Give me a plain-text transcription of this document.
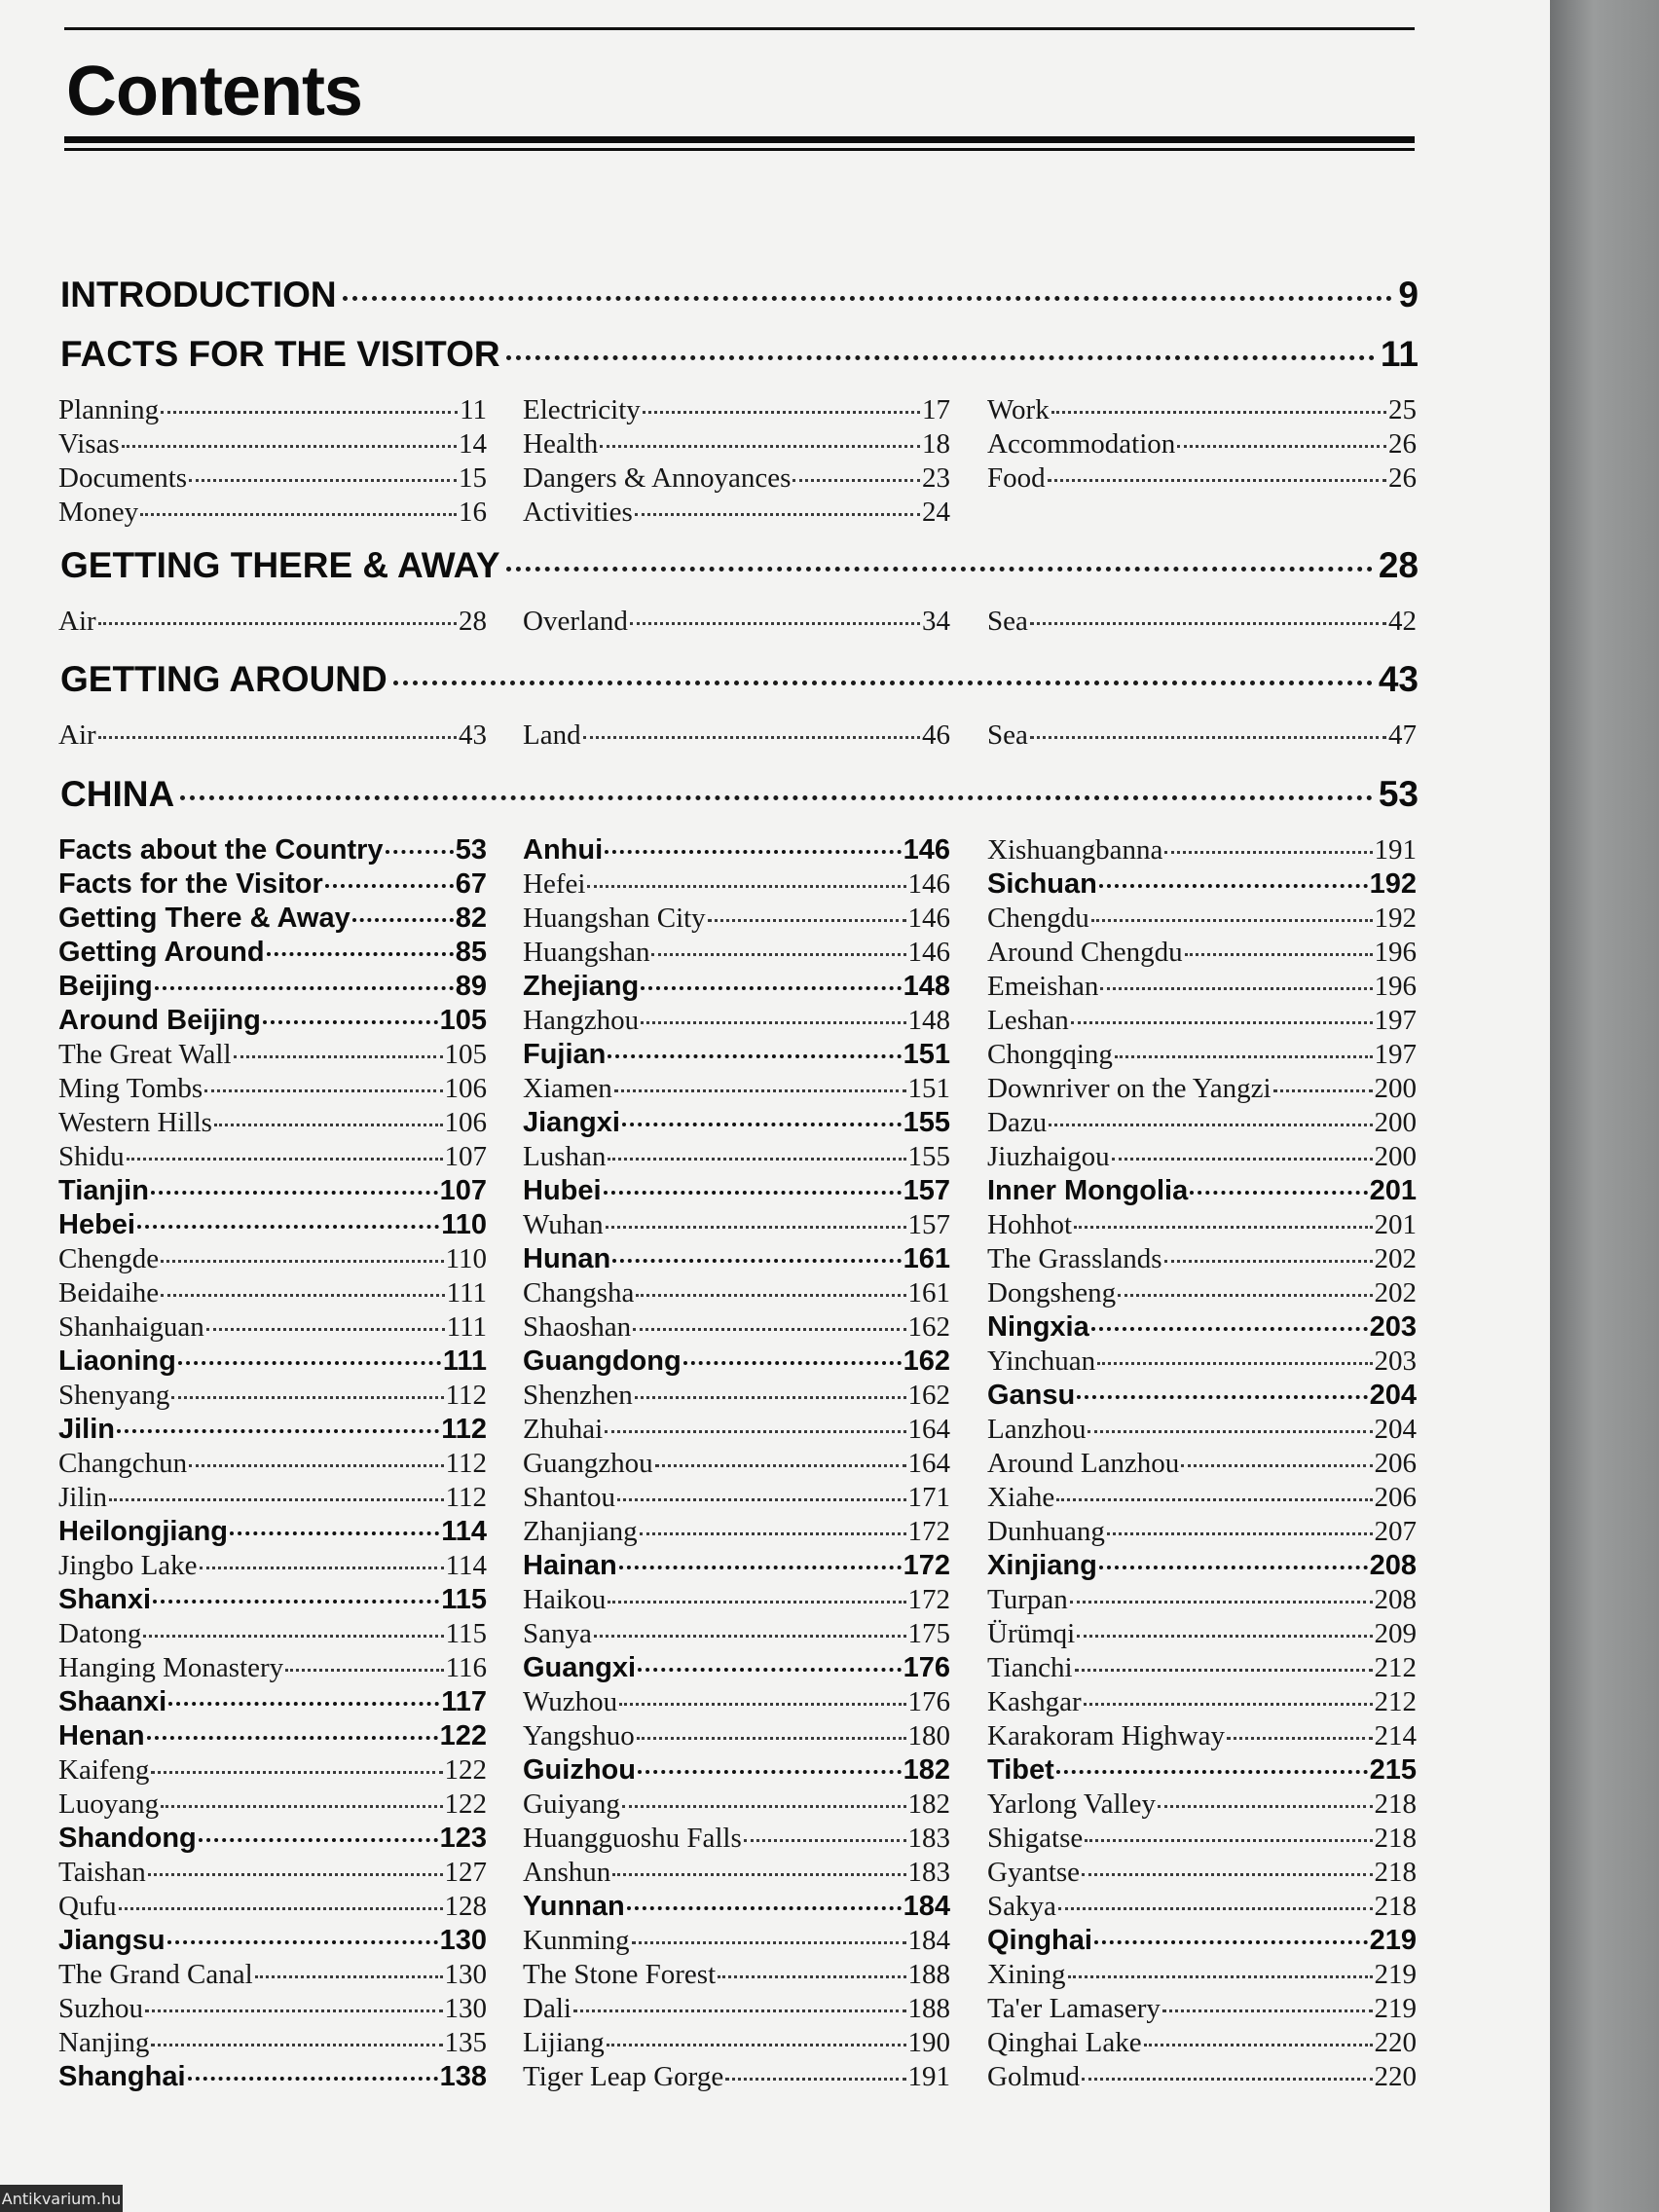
Contents
INTRODUCTION	9
FACTS FOR THE VISITOR	11
Planning	11
Visas	14
Documents	15
Money	16
Electricity	17
Health	18
Dangers & Annoyances	23
Activities	24
Work	25
Accommodation	26
Food	26
GETTING THERE & AWAY	28
Air	28 Overland	34 Sea	42
GETTING AROUND	43
Air	43 Land	46 Sea	47
CHINA	53
Facts about the Country	53
Facts for the Visitor	67
Getting There & Away	82
Getting Around	85
Beijing	89
Around Beijing	105
The Great Wall	105
Ming Tombs	106
Western Hills	106
Shidu	107
Tianjin	107
Hebei	110
Chengde	110
Beidaihe	111
Shanhaiguan	111
Liaoning	111
Shenyang	112
Jilin	112
Changchun	112
Jilin	112
Heilongjiang	114
Jingbo Lake	114
Shanxi	115
Datong	115
Hanging Monastery	116
Shaanxi	117
Henan	122
Kaifeng	122
Luoyang	122
Shandong	123
Taishan	127
Qufu	128
Jiangsu	130
The Grand Canal	130
Suzhou	130
Nanjing	135
Shanghai	138
Anhui	146
Hefei	146
Huangshan City	146
Huangshan	146
Zhejiang	148
Hangzhou	148
Fujian	151
Xiamen	151
Jiangxi	155
Lushan	155
Hubei	157
Wuhan	157
Hunan	161
Changsha	161
Shaoshan	162
Guangdong	162
Shenzhen	162
Zhuhai	164
Guangzhou	164
Shantou	171
Zhanjiang	172
Hainan	172
Haikou	172
Sanya	175
Guangxi	176
Wuzhou	176
Yangshuo	180
Guizhou	182
Guiyang	182
Huangguoshu Falls	183
Anshun	183
Yunnan	184
Kunming	184
The Stone Forest	188
Dali	188
Lijiang	190
Tiger Leap Gorge	191
Xishuangbanna	191
Sichuan	192
Chengdu	192
Around Chengdu	196
Emeishan	196
Leshan	197
Chongqing	197
Downriver on the Yangzi	200
Dazu	200
Jiuzhaigou	200
Inner Mongolia	201
Hohhot	201
The Grasslands	202
Dongsheng	202
Ningxia	203
Yinchuan	203
Gansu	204
Lanzhou	204
Around Lanzhou	206
Xiahe	206
Dunhuang	207
Xinjiang	208
Turpan	208
Ürümqi	209
Tianchi	212
Kashgar	212
Karakoram Highway	214
Tibet	215
Yarlong Valley	218
Shigatse	218
Gyantse	218
Sakya	218
Qinghai	219
Xining	219
Ta'er Lamasery	219
Qinghai Lake	220
Golmud	220
Antikvarium.hu
